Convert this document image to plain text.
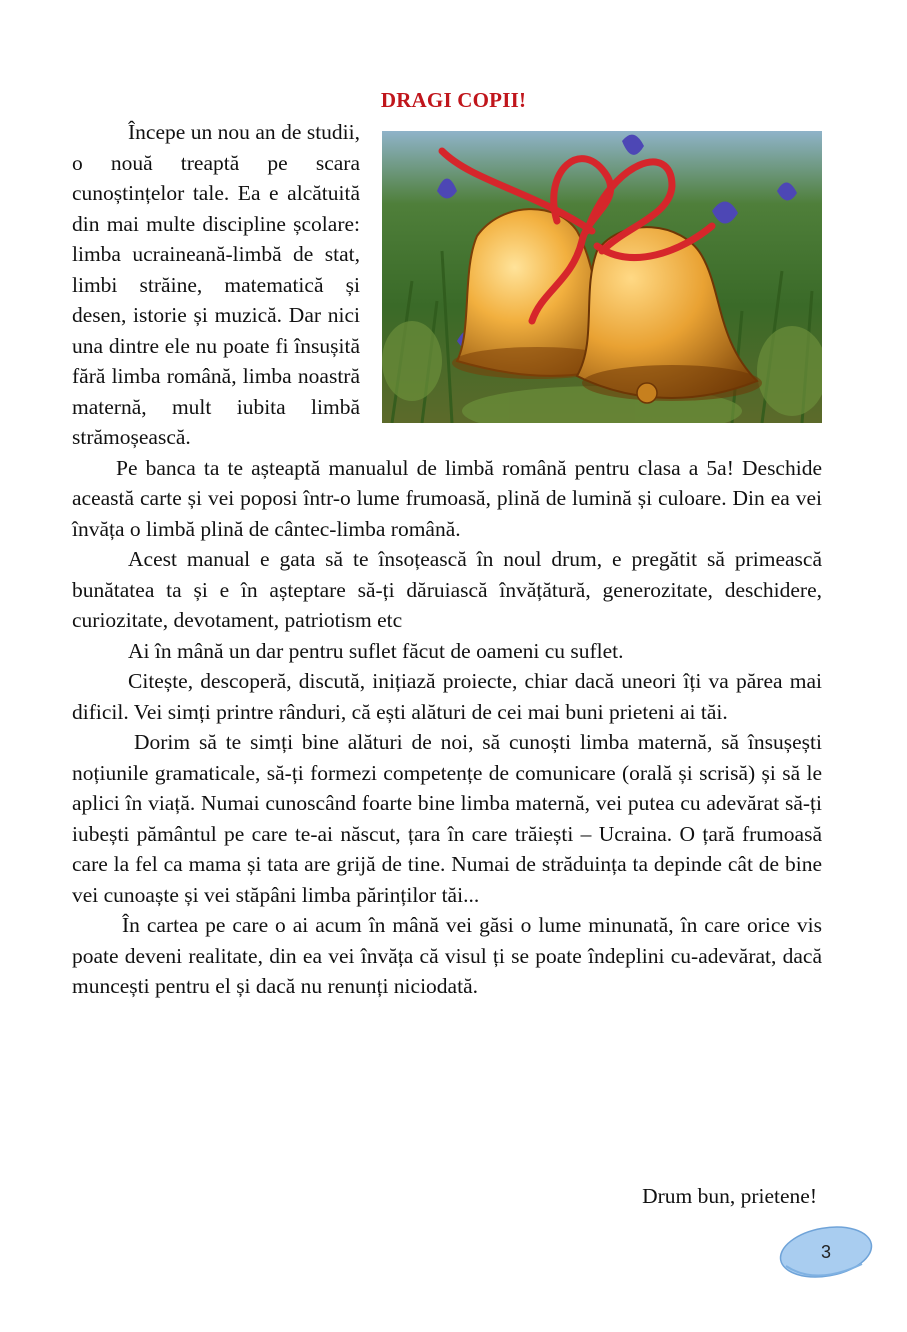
DRAGI COPII!

Începe un nou an de studii, o nouă treaptă pe scara cunoștințelor tale. Ea e alcătuită din mai multe discipline școlare: limba ucraineană-limbă de stat, limbi străine, matematică și desen, istorie și muzică. Dar nici una dintre ele nu poate fi însușită fără limba română, limba noastră maternă, mult iubita limbă strămoșească.

Pe banca ta te așteaptă manualul de limbă română pentru clasa a 5a! Deschide această carte și vei poposi într-o lume frumoasă, plină de lumină și culoare. Din ea vei învăța o limbă plină de cântec-limba română.

Acest manual e gata să te însoțească în noul drum, e pregătit să primească bunătatea ta și e în așteptare să-ți dăruiască învățătură, generozitate, deschidere, curiozitate, devotament, patriotism etc

Ai în mână un dar pentru suflet făcut de oameni cu suflet.

Citește, descoperă, discută, inițiază proiecte, chiar dacă uneori îți va părea mai dificil. Vei simți printre rânduri, că ești alături de cei mai buni prieteni ai tăi.

Dorim să te simți bine alături de noi, să cunoști limba maternă, să însușești noțiunile gramaticale, să-ți formezi competențe de comunicare (orală și scrisă) și să le aplici în viață. Numai cunoscând foarte bine limba maternă, vei putea cu adevărat să-ți iubești pământul pe care te-ai născut, țara în care trăiești – Ucraina. O țară frumoasă care la fel ca mama și tata are grijă de tine. Numai de străduința ta depinde cât de bine vei cunoaște și vei stăpâni limba părinților tăi...

În cartea pe care o ai acum în mână vei găsi o lume minunată, în care orice vis poate deveni realitate, din ea vei învăța că visul ți se poate îndeplini cu-adevărat, dacă muncești pentru el și dacă nu renunți niciodată.

Drum bun, prietene!
3
